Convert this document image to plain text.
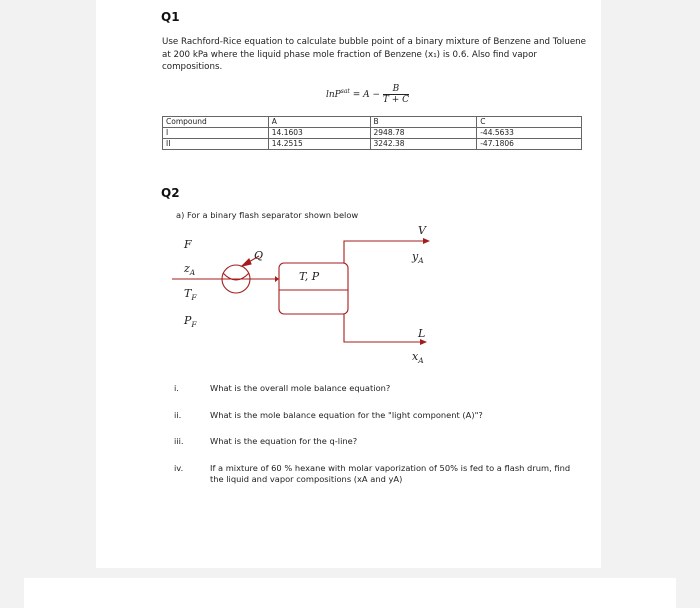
Q1
Use Rachford-Rice equation to calculate bubble point of a binary mixture of Benzene and Toluene at 200 kPa where the liquid phase mole fraction of Benzene (x₁) is 0.6. Also find vapor compositions.
$\ln P^{sat} = A - \frac{B}{T + C}$
Compound	A	B	C
I	14.1603	2948.78	-44.5633
II	14.2515	3242.38	-47.1806
Q2
a) For a binary flash separator shown below
F
$z_A$
$T_F$
$P_F$
Q
T, P
V
$y_A$
L
$x_A$
i.	What is the overall mole balance equation?
ii.	What is the mole balance equation for the "light component (A)"?
iii.	What is the equation for the q-line?
iv.	If a mixture of 60 % hexane with molar vaporization of 50% is fed to a flash drum, find the liquid and vapor compositions (xA and yA)
